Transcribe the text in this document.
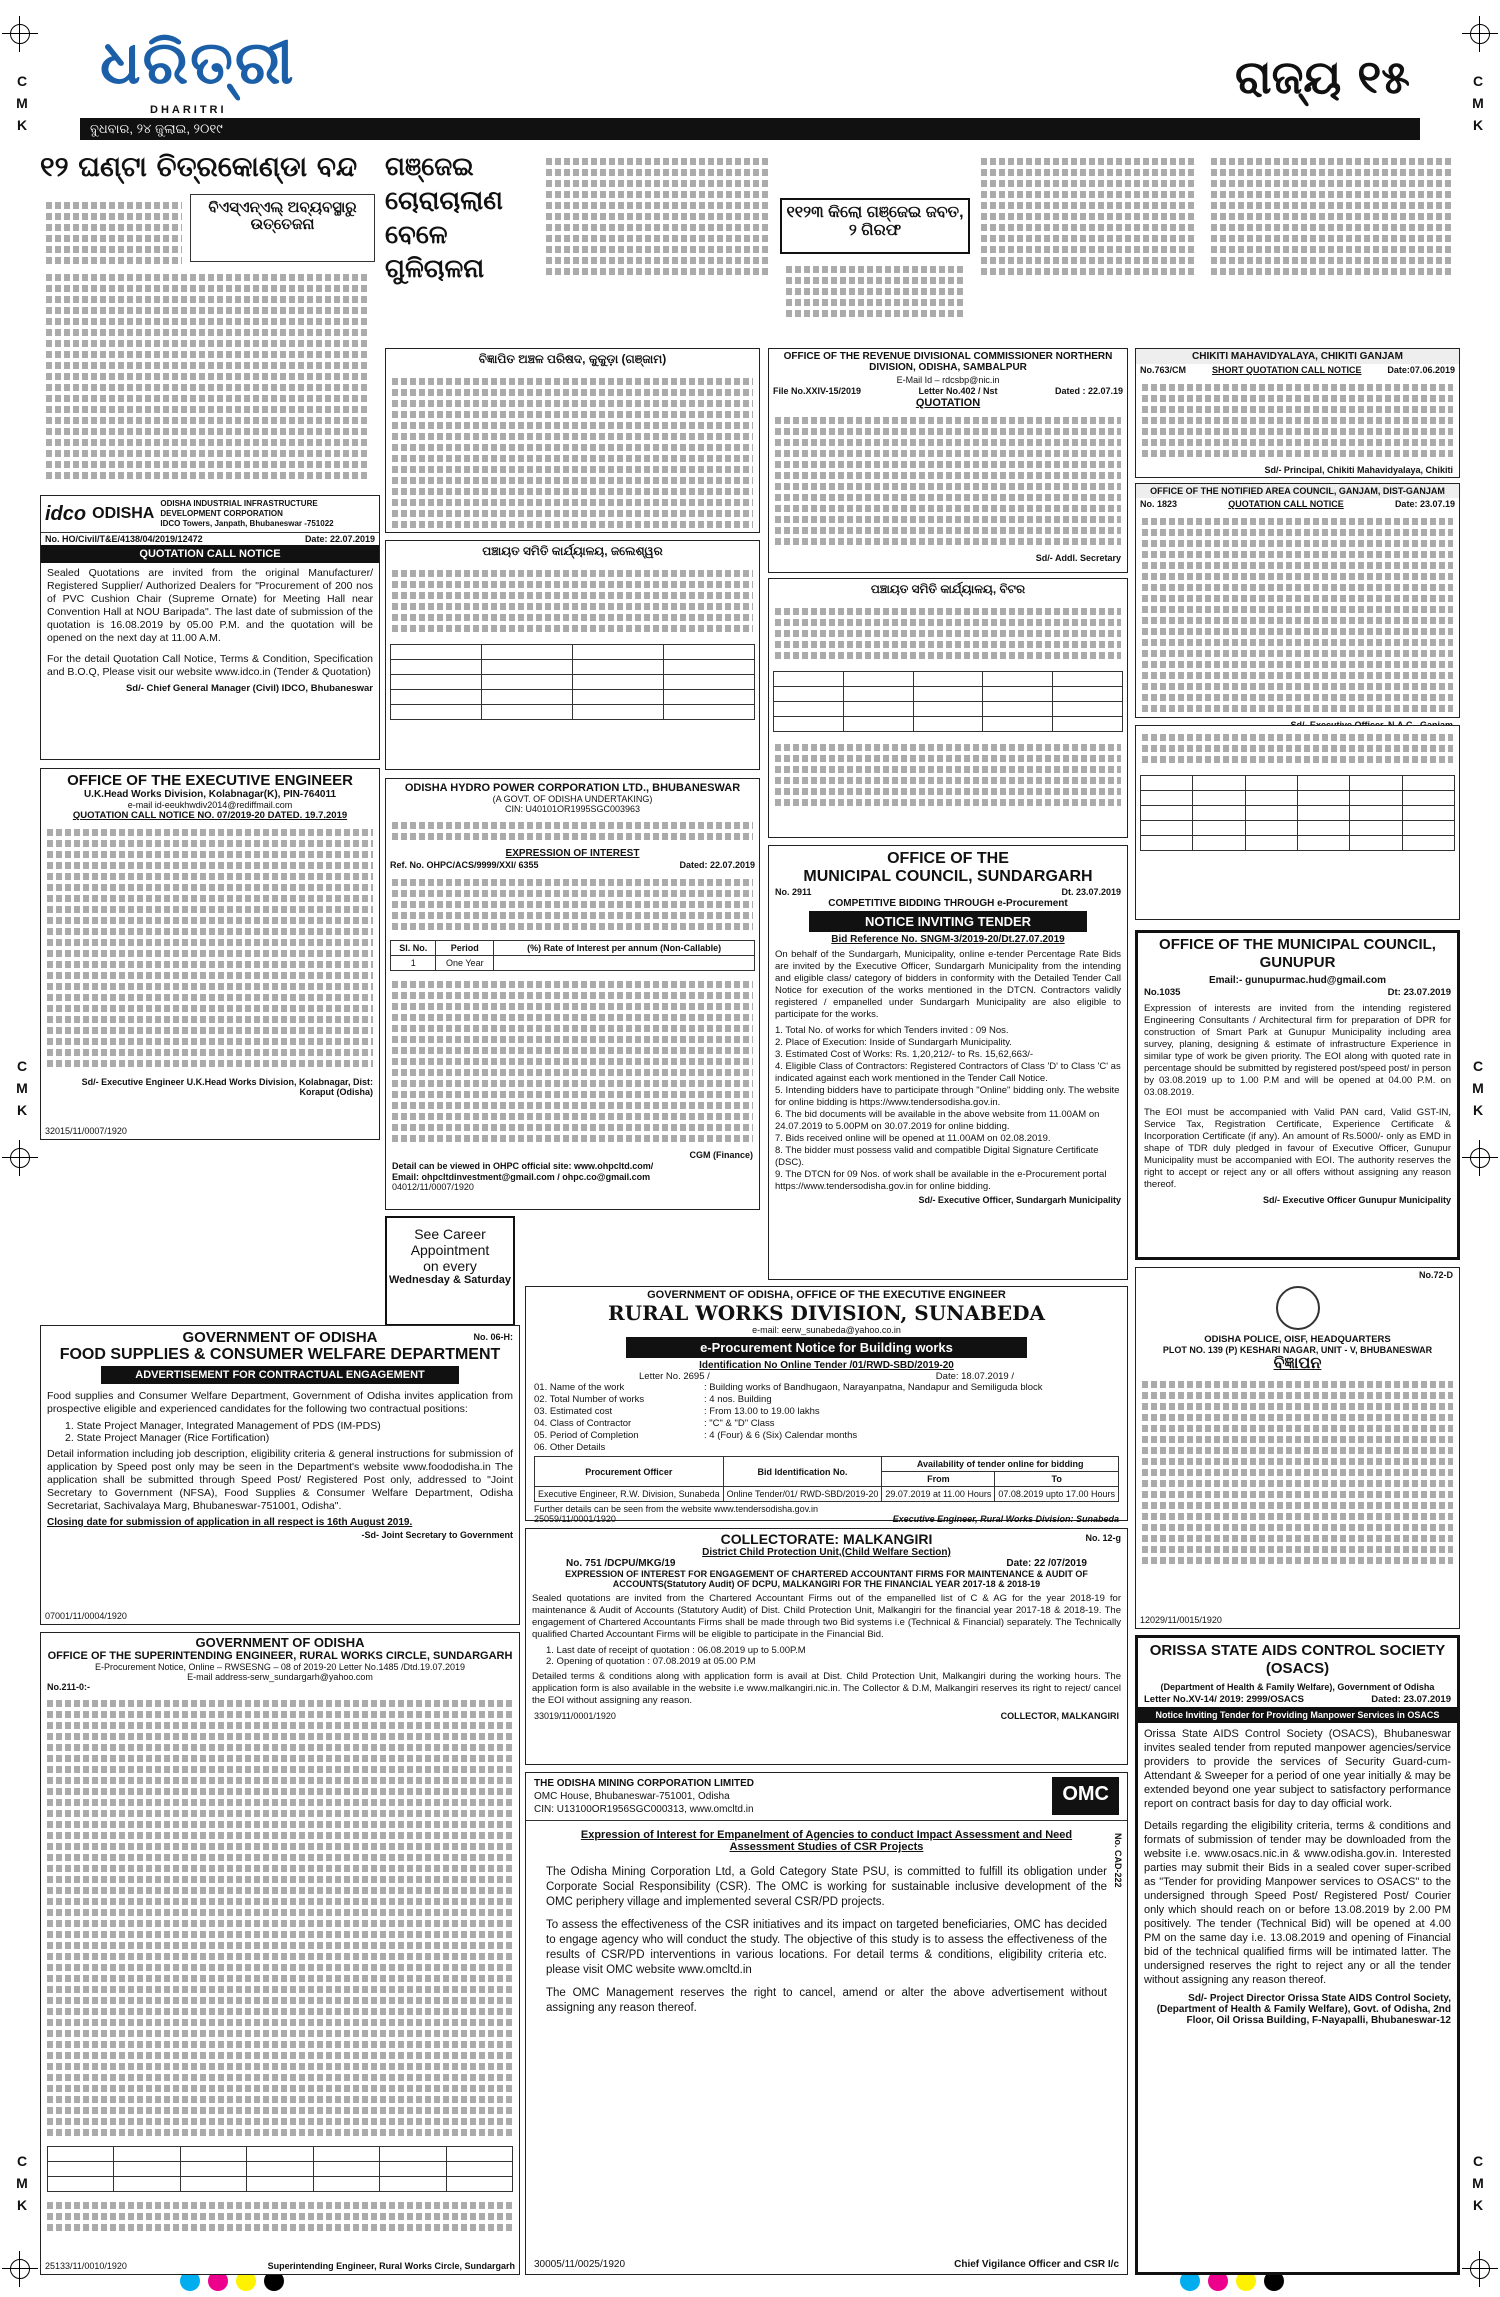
C
M
K
C
M
K
C
M
K
C
M
K
C
M
K
C
M
K
ଧରିତ୍ରୀ
DHARITRI
ରାଜ୍ୟ ୧୫
ବୁଧବାର, ୨୪ ଜୁଲାଇ, ୨୦୧୯
୧୨ ଘଣ୍ଟା ଚିତ୍ରକୋଣ୍ଡା ବନ୍ଦ
ବିଏସ୍ଏନ୍ଏଲ୍ ଅବ୍ୟବସ୍ଥାରୁ ଉତ୍ତେଜନା
ଗଞ୍ଜେଇ ଚୋରାଚାଲାଣ ବେଳେ ଗୁଳିଚାଳନା
୧୧୨୩ କିଲୋ ଗଞ୍ଜେଇ ଜବତ, ୨ ଗିରଫ
ବିଜ୍ଞାପିତ ଅଞ୍ଚଳ ପରିଷଦ, କୁକୁଡ଼ା (ଗଞ୍ଜାମ)	OFFICE OF THE REVENUE DIVISIONAL COMMISSIONER NORTHERN DIVISION, ODISHA, SAMBALPUR
E-Mail Id – rdcsbp@nic.in
File No.XXIV-15/2019	Letter No.402 / Nst	Dated : 22.07.19
QUOTATION
Sd/- Addl. Secretary
CHIKITI MAHAVIDYALAYA, CHIKITI GANJAM
No.763/CM	SHORT QUOTATION CALL NOTICE	Date:07.06.2019
Sd/- Principal, Chikiti Mahavidyalaya, Chikiti
OFFICE OF THE NOTIFIED AREA COUNCIL, GANJAM, DIST-GANJAM
No. 1823	QUOTATION CALL NOTICE	Date: 23.07.19
idco ODISHA
ODISHA INDUSTRIAL INFRASTRUCTURE DEVELOPMENT CORPORATION
IDCO Towers, Janpath, Bhubaneswar -751022
No. HO/Civil/T&E/4138/04/2019/12472	Date: 22.07.2019
QUOTATION CALL NOTICE
Sealed Quotations are invited from the original Manufacturer/ Registered Supplier/ Authorized Dealers for "Procurement of 200 nos of PVC Cushion Chair (Supreme Ornate) for Meeting Hall near Convention Hall at NOU Baripada". The last date of submission of the quotation is 16.08.2019 by 05.00 P.M. and the quotation will be opened on the next day at 11.00 A.M.
For the detail Quotation Call Notice, Terms & Condition, Specification and B.O.Q, Please visit our website www.idco.in (Tender & Quotation)
Sd/- Chief General Manager (Civil) IDCO, Bhubaneswar
ପଞ୍ଚାୟତ ସମିତି କାର୍ଯ୍ୟାଳୟ, ଜଲେଶ୍ୱର

ପଞ୍ଚାୟତ ସମିତି କାର୍ଯ୍ୟାଳୟ, ବିଟର

OFFICE OF THE EXECUTIVE ENGINEER
U.K.Head Works Division, Kolabnagar(K), PIN-764011
e-mail id-eeukhwdiv2014@rediffmail.com
QUOTATION CALL NOTICE NO. 07/2019-20 DATED. 19.7.2019
Sd/- Executive Engineer U.K.Head Works Division, Kolabnagar, Dist: Koraput (Odisha)
32015/11/0007/1920
ODISHA HYDRO POWER CORPORATION LTD., BHUBANESWAR
(A GOVT. OF ODISHA UNDERTAKING)
CIN: U40101OR1995SGC003963
EXPRESSION OF INTEREST
Ref. No. OHPC/ACS/9999/XXI/ 6355	Dated: 22.07.2019
Sl. No.	Period	(%) Rate of Interest per annum (Non-Callable)
1	One Year	
CGM (Finance)
Detail can be viewed in OHPC official site: www.ohpcltd.com/
Email: ohpcltdinvestment@gmail.com / ohpc.co@gmail.com
04012/11/0007/1920
OFFICE OF THE
MUNICIPAL COUNCIL, SUNDARGARH
No. 2911	Dt. 23.07.2019
COMPETITIVE BIDDING THROUGH e-Procurement
NOTICE INVITING TENDER
Bid Reference No. SNGM-3/2019-20/Dt.27.07.2019
On behalf of the Sundargarh, Municipality, online e-tender Percentage Rate Bids are invited by the Executive Officer, Sundargarh Municipality from the intending and eligible class/ category of bidders in conformity with the Detailed Tender Call Notice for execution of the works mentioned in the DTCN. Contractors validly registered / empanelled under Sundargarh Municipality are also eligible to participate for the works.
1. Total No. of works for which Tenders invited : 09 Nos.
2. Place of Execution: Inside of Sundargarh Municipality.
3. Estimated Cost of Works: Rs. 1,20,212/- to Rs. 15,62,663/-
4. Eligible Class of Contractors: Registered Contractors of Class 'D' to Class 'C' as indicated against each work mentioned in the Tender Call Notice.
5. Intending bidders have to participate through "Online" bidding only. The website for online bidding is https://www.tendersodisha.gov.in.
6. The bid documents will be available in the above website from 11.00AM on 24.07.2019 to 5.00PM on 30.07.2019 for online bidding.
7. Bids received online will be opened at 11.00AM on 02.08.2019.
8. The bidder must possess valid and compatible Digital Signature Certificate (DSC).
9. The DTCN for 09 Nos. of work shall be available in the e-Procurement portal https://www.tendersodisha.gov.in for online bidding.
Sd/- Executive Officer, Sundargarh Municipality
OFFICE OF THE MUNICIPAL COUNCIL, GUNUPUR
Email:- gunupurmac.hud@gmail.com
No.1035	Dt: 23.07.2019
Expression of interests are invited from the intending registered Engineering Consultants / Architectural firm for preparation of DPR for construction of Smart Park at Gunupur Municipality including area survey, planing, designing & estimate of infrastructure Experience in similar type of work be given priority. The EOI along with quoted rate in percentage should be submitted by registered post/speed post/ in person by 03.08.2019 up to 1.00 P.M and will be opened at 04.00 P.M. on 03.08.2019.
The EOI must be accompanied with Valid PAN card, Valid GST-IN, Service Tax, Registration Certificate, Experience Certificate & Incorporation Certificate (if any). An amount of Rs.5000/- only as EMD in shape of TDR duly pledged in favour of Executive Officer, Gunupur Municipality must be accompanied with EOI. The authority reserves the right to accept or reject any or all offers without assigning any reason thereof.
Sd/- Executive Officer Gunupur Municipality
See Career
Appointment
on every
Wednesday & Saturday
GOVERNMENT OF ODISHA, OFFICE OF THE EXECUTIVE ENGINEER
RURAL WORKS DIVISION, SUNABEDA
e-mail: eerw_sunabeda@yahoo.co.in
e-Procurement Notice for Building works
Identification No Online Tender /01/RWD-SBD/2019-20
Letter No. 2695 /	Date: 18.07.2019 /
01. Name of the work	: Building works of Bandhugaon, Narayanpatna, Nandapur and Semiliguda block
02. Total Number of works	: 4 nos. Building
03. Estimated cost	: From 13.00 to 19.00 lakhs
04. Class of Contractor	: "C" & "D" Class
05. Period of Completion	: 4 (Four) & 6 (Six) Calendar months
06. Other Details
Procurement Officer	Bid Identification No.	Availability of tender online for bidding	
		From	To
Executive Engineer, R.W. Division, Sunabeda	Online Tender/01/ RWD-SBD/2019-20	29.07.2019 at 11.00 Hours	07.08.2019 upto 17.00 Hours
Further details can be seen from the website www.tendersodisha.gov.in
25059/11/0001/1920	Executive Engineer, Rural Works Division: Sunabeda
No.72-D
ODISHA POLICE, OISF, HEADQUARTERS
PLOT NO. 139 (P) KESHARI NAGAR, UNIT - V, BHUBANESWAR
ବିଜ୍ଞାପନ
12029/11/0015/1920
GOVERNMENT OF ODISHA	No. 06-H:
FOOD SUPPLIES & CONSUMER WELFARE DEPARTMENT
ADVERTISEMENT FOR CONTRACTUAL ENGAGEMENT
Food supplies and Consumer Welfare Department, Government of Odisha invites application from prospective eligible and experienced candidates for the following two contractual positions:
1. State Project Manager, Integrated Management of PDS (IM-PDS)
2. State Project Manager (Rice Fortification)
Detail information including job description, eligibility criteria & general instructions for submission of application by Speed post only may be seen in the Department's website www.foododisha.in The application shall be submitted through Speed Post/ Registered Post only, addressed to "Joint Secretary to Government (NFSA), Food Supplies & Consumer Welfare Department, Odisha Secretariat, Sachivalaya Marg, Bhubaneswar-751001, Odisha".
Closing date for submission of application in all respect is 16th August 2019.
-Sd- Joint Secretary to Government
07001/11/0004/1920
COLLECTORATE: MALKANGIRI	No. 12-g
District Child Protection Unit,(Child Welfare Section)
No. 751 /DCPU/MKG/19	Date: 22 /07/2019
EXPRESSION OF INTEREST FOR ENGAGEMENT OF CHARTERED ACCOUNTANT FIRMS FOR MAINTENANCE & AUDIT OF ACCOUNTS(Statutory Audit) OF DCPU, MALKANGIRI FOR THE FINANCIAL YEAR 2017-18 & 2018-19
Sealed quotations are invited from the Chartered Accountant Firms out of the empanelled list of C & AG for the year 2018-19 for maintenance & Audit of Accounts (Statutory Audit) of Dist. Child Protection Unit, Malkangiri for the financial year 2017-18 & 2018-19. The engagement of Chartered Accountants Firms shall be made through two Bid systems i.e (Technical & Financial) separately. The Technically qualified Charted Accountant Firms will be eligible to participate in the Financial Bid.
1. Last date of receipt of quotation : 06.08.2019 up to 5.00P.M
2. Opening of quotation : 07.08.2019 at 05.00 P.M
Detailed terms & conditions along with application form is avail at Dist. Child Protection Unit, Malkangiri during the working hours. The application form is also available in the website i.e www.malkangiri.nic.in. The Collector & D.M, Malkangiri reserves its right to reject/ cancel the EOI without assigning any reason.
33019/11/0001/1920	COLLECTOR, MALKANGIRI
GOVERNMENT OF ODISHA
OFFICE OF THE SUPERINTENDING ENGINEER, RURAL WORKS CIRCLE, SUNDARGARH
E-Procurement Notice, Online – RWSESNG – 08 of 2019-20 Letter No.1485 /Dtd.19.07.2019
E-mail address-serw_sundargarh@yahoo.com
No.211-0:-

25133/11/0010/1920	Superintending Engineer, Rural Works Circle, Sundargarh
ORISSA STATE AIDS CONTROL SOCIETY (OSACS)
(Department of Health & Family Welfare), Government of Odisha
Letter No.XV-14/ 2019: 2999/OSACS	Dated: 23.07.2019
Notice Inviting Tender for Providing Manpower Services in OSACS
Orissa State AIDS Control Society (OSACS), Bhubaneswar invites sealed tender from reputed manpower agencies/service providers to provide the services of Security Guard-cum-Attendant & Sweeper for a period of one year initially & may be extended beyond one year subject to satisfactory performance report on contract basis for day to day official work.
Details regarding the eligibility criteria, terms & conditions and formats of submission of tender may be downloaded from the website i.e. www.osacs.nic.in & www.odisha.gov.in. Interested parties may submit their Bids in a sealed cover super-scribed as "Tender for providing Manpower services to OSACS" to the undersigned through Speed Post/ Registered Post/ Courier only which should reach on or before 13.08.2019 by 2.00 PM positively. The tender (Technical Bid) will be opened at 4.00 PM on the same day i.e. 13.08.2019 and opening of Financial bid of the technical qualified firms will be intimated latter. The undersigned reserves the right to reject any or all the tender without assigning any reason thereof.
Sd/- Project Director Orissa State AIDS Control Society, (Department of Health & Family Welfare), Govt. of Odisha, 2nd Floor, Oil Orissa Building, F-Nayapalli, Bhubaneswar-12
THE ODISHA MINING CORPORATION LIMITED
OMC House, Bhubaneswar-751001, Odisha
CIN: U13100OR1956SGC000313, www.omcltd.in
OMC
No. CAD-222
Expression of Interest for Empanelment of Agencies to conduct Impact Assessment and Need Assessment Studies of CSR Projects
The Odisha Mining Corporation Ltd, a Gold Category State PSU, is committed to fulfill its obligation under Corporate Social Responsibility (CSR). The OMC is working for sustainable inclusive development of the OMC periphery village and implemented several CSR/PD projects.
To assess the effectiveness of the CSR initiatives and its impact on targeted beneficiaries, OMC has decided to engage agency who will conduct the study. The objective of this study is to assess the effectiveness of the results of CSR/PD interventions in various locations. For detail terms & conditions, eligibility criteria etc. please visit OMC website www.omcltd.in
The OMC Management reserves the right to cancel, amend or alter the above advertisement without assigning any reason thereof.
30005/11/0025/1920	Chief Vigilance Officer and CSR I/c
